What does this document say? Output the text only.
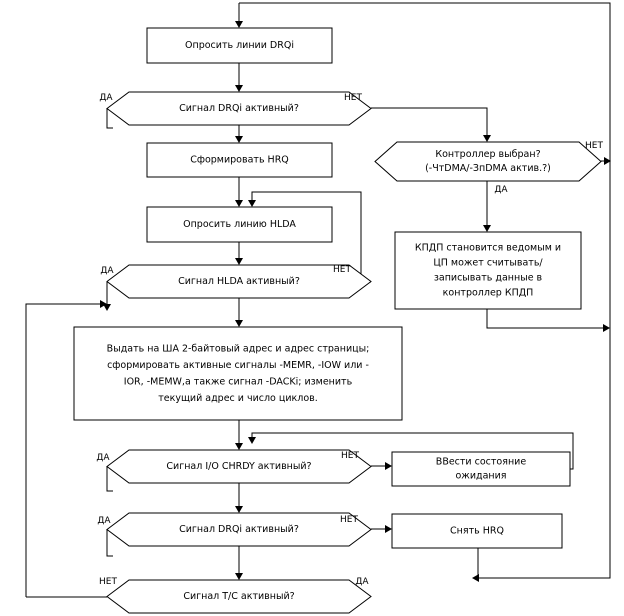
Опросить линии DRQi
Сигнал DRQi активный?
Сформировать HRQ
Опросить линию HLDA
Сигнал HLDA активный?
Выдать на ША 2-байтовый адрес и адрес страницы;
сформировать активные сигналы -MEMR, -IOW или -
IOR, -MEMW,а также сигнал -DACKi; изменить
текущий адрес и число циклов.
Сигнал I/O CHRDY активный?	ВВести состояние
ожидания
Сигнал DRQi активный?	Снять HRQ
Сигнал T/C активный?
Контроллер выбран?
(-ЧтDMA/-ЗпDMA актив.?)
КПДП становится ведомым и
ЦП может считывать/
записывать данные в
контроллер КПДП
ДА	НЕТ
НЕТ
ДА
ДА	НЕТ
ДА	НЕТ
ДА	НЕТ
НЕТ	ДА
